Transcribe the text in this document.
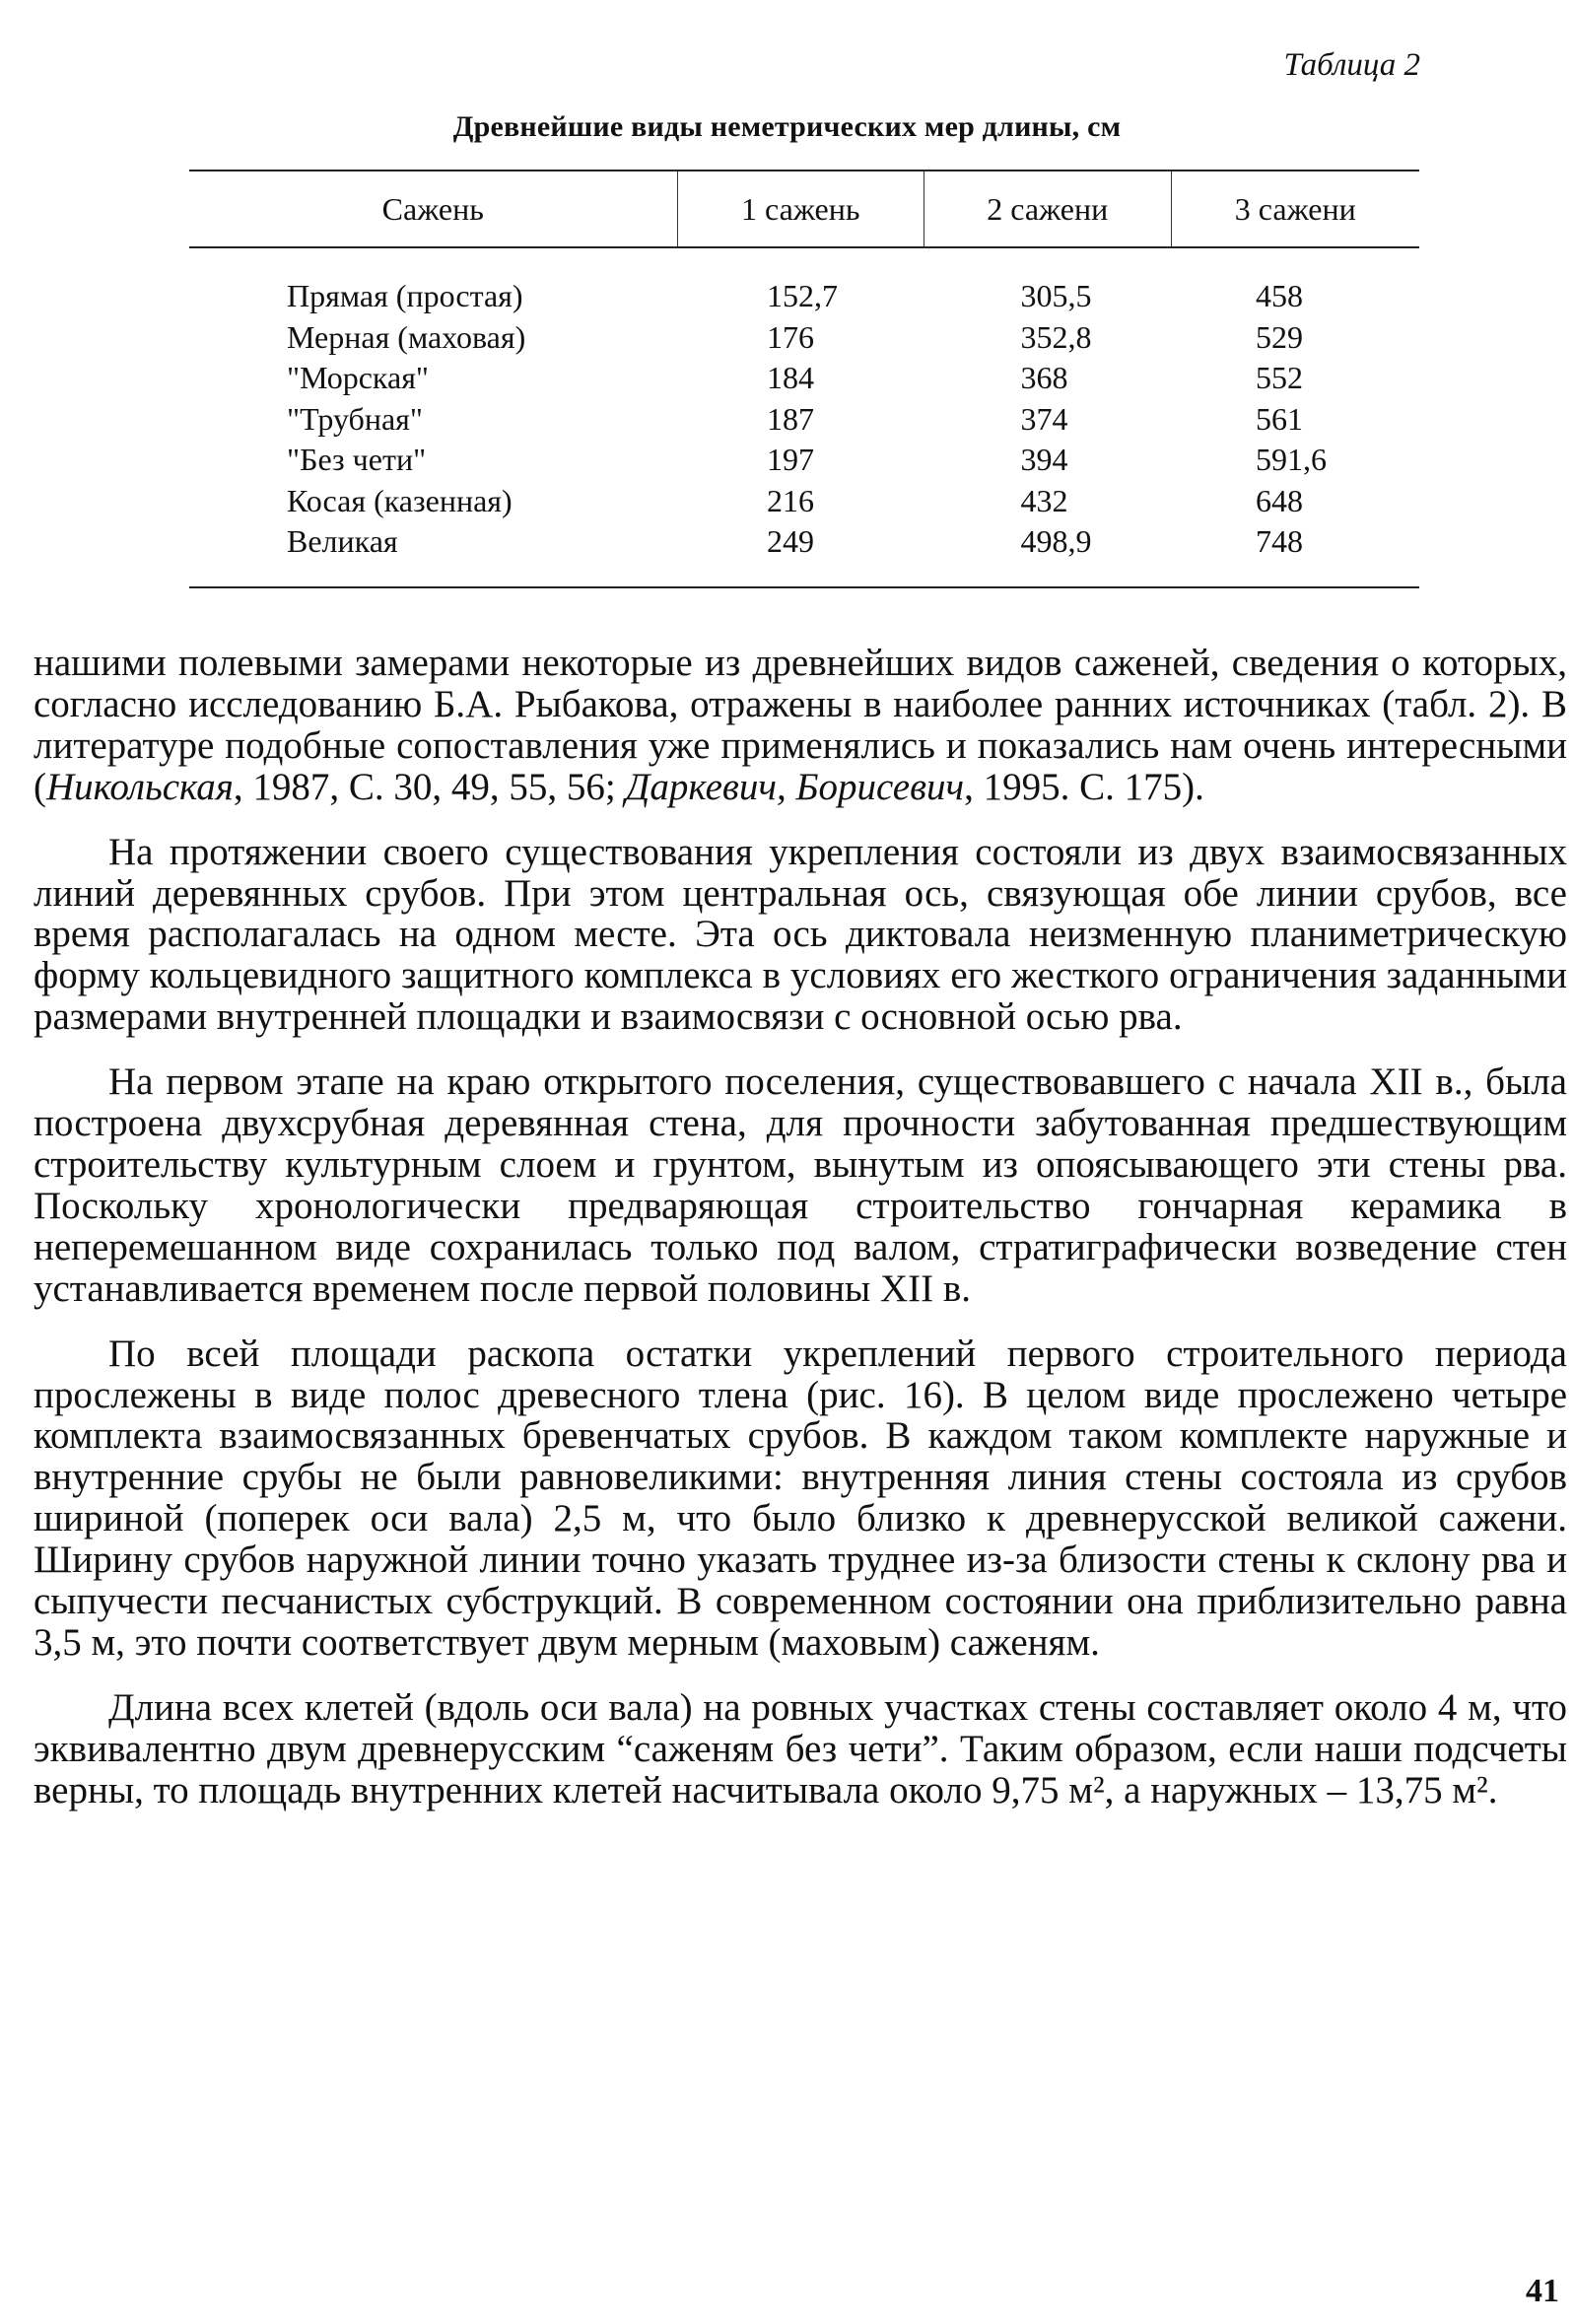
Таблица 2
Древнейшие виды неметрических мер длины, см
Сажень	1 сажень	2 сажени	3 сажени

Прямая (простая)	152,7	305,5	458
Мерная (маховая)	176	352,8	529
"Морская"	184	368	552
"Трубная"	187	374	561
"Без чети"	197	394	591,6
Косая (казенная)	216	432	648
Великая	249	498,9	748

нашими полевыми замерами некоторые из древнейших видов саженей, сведения о которых, согласно исследованию Б.А. Рыбакова, отражены в наиболее ранних источниках (табл. 2). В литературе подобные сопоставления уже применялись и показались нам очень интересными (Никольская, 1987, С. 30, 49, 55, 56; Даркевич, Борисевич, 1995. С. 175).

На протяжении своего существования укрепления состояли из двух взаимосвязанных линий деревянных срубов. При этом центральная ось, связующая обе линии срубов, все время располагалась на одном месте. Эта ось диктовала неизменную планиметрическую форму кольцевидного защитного комплекса в условиях его жесткого ограничения заданными размерами внутренней площадки и взаимосвязи с основной осью рва.

На первом этапе на краю открытого поселения, существовавшего с начала XII в., была построена двухсрубная деревянная стена, для прочности забутованная предшествующим строительству культурным слоем и грунтом, вынутым из опоясывающего эти стены рва. Поскольку хронологически предваряющая строительство гончарная керамика в неперемешанном виде сохранилась только под валом, стратиграфически возведение стен устанавливается временем после первой половины XII в.

По всей площади раскопа остатки укреплений первого строительного периода прослежены в виде полос древесного тлена (рис. 16). В целом виде прослежено четыре комплекта взаимосвязанных бревенчатых срубов. В каждом таком комплекте наружные и внутренние срубы не были равновеликими: внутренняя линия стены состояла из срубов шириной (поперек оси вала) 2,5 м, что было близко к древнерусской великой сажени. Ширину срубов наружной линии точно указать труднее из-за близости стены к склону рва и сыпучести песчанистых субструкций. В современном состоянии она приблизительно равна 3,5 м, это почти соответствует двум мерным (маховым) саженям.

Длина всех клетей (вдоль оси вала) на ровных участках стены составляет около 4 м, что эквивалентно двум древнерусским “саженям без чети”. Таким образом, если наши подсчеты верны, то площадь внутренних клетей насчитывала около 9,75 м², а наружных – 13,75 м².

41
